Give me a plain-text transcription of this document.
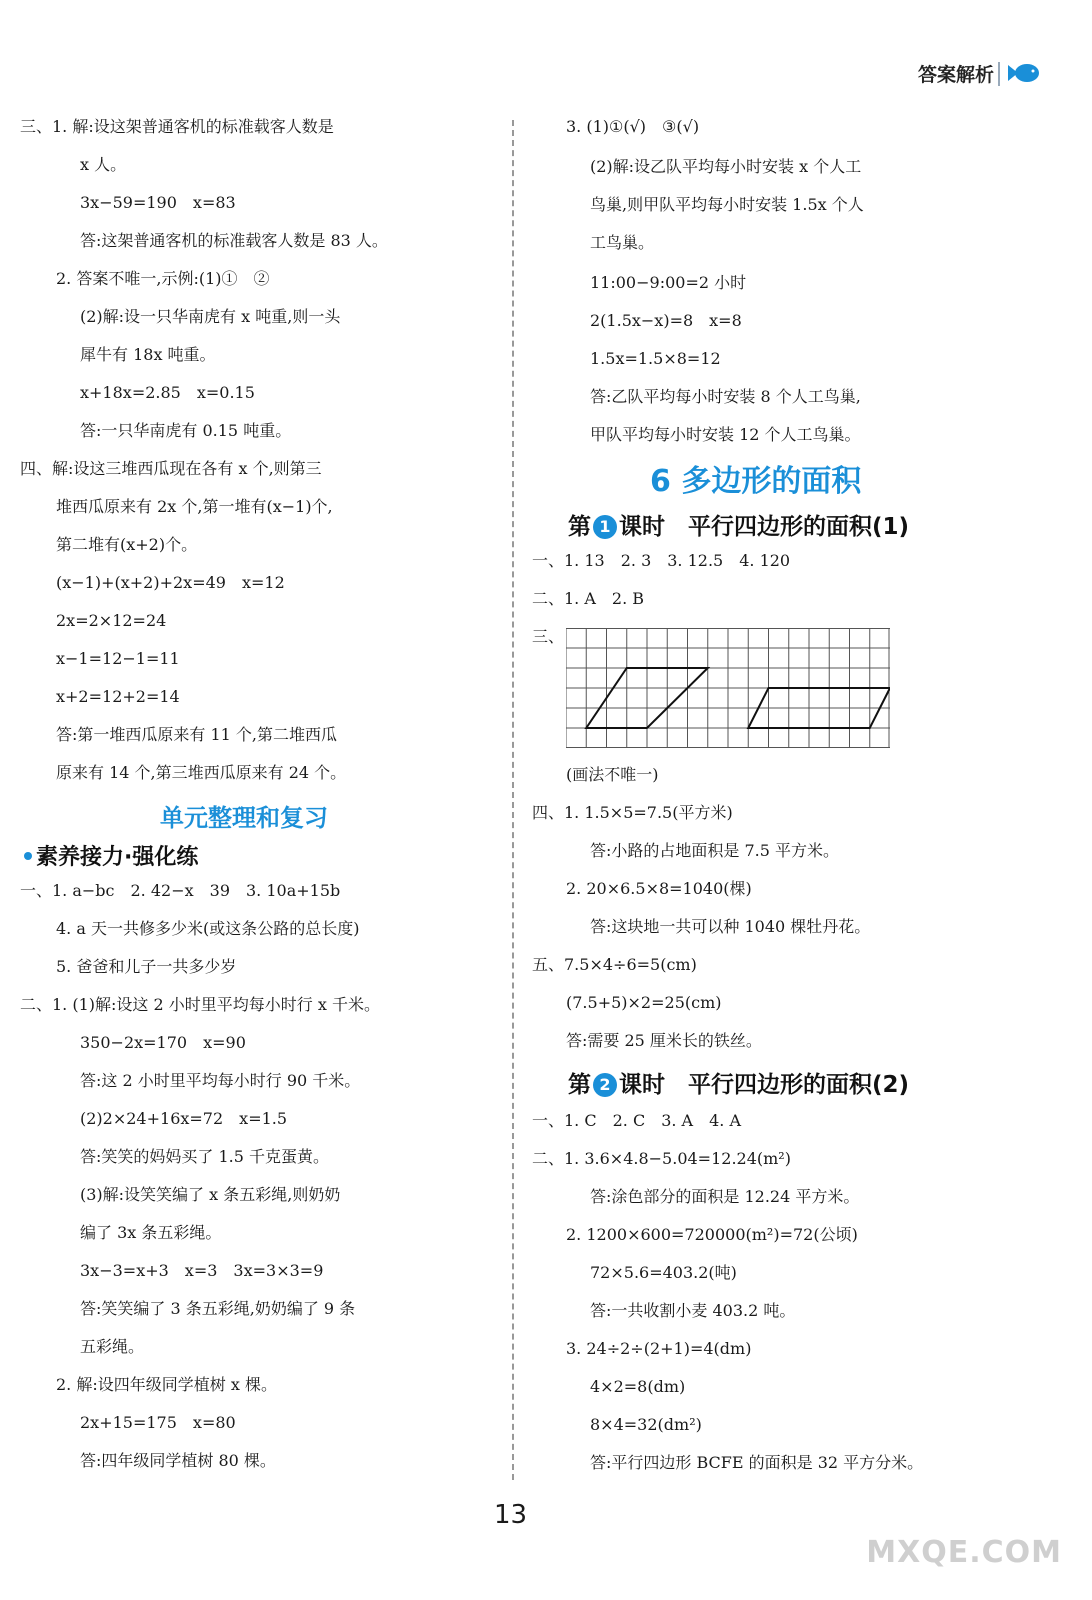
答案解析
三、1. 解:设这架普通客机的标准载客人数是
x 人。
3x−59=190　x=83
答:这架普通客机的标准载客人数是 83 人。
2. 答案不唯一,示例:(1)①　②
(2)解:设一只华南虎有 x 吨重,则一头
犀牛有 18x 吨重。
x+18x=2.85　x=0.15
答:一只华南虎有 0.15 吨重。
四、解:设这三堆西瓜现在各有 x 个,则第三
堆西瓜原来有 2x 个,第一堆有(x−1)个,
第二堆有(x+2)个。
(x−1)+(x+2)+2x=49　x=12
2x=2×12=24
x−1=12−1=11
x+2=12+2=14
答:第一堆西瓜原来有 11 个,第二堆西瓜
原来有 14 个,第三堆西瓜原来有 24 个。
单元整理和复习
素养接力·强化练
一、1. a−bc　2. 42−x　39　3. 10a+15b
4. a 天一共修多少米(或这条公路的总长度)
5. 爸爸和儿子一共多少岁
二、1. (1)解:设这 2 小时里平均每小时行 x 千米。
350−2x=170　x=90
答:这 2 小时里平均每小时行 90 千米。
(2)2×24+16x=72　x=1.5
答:笑笑的妈妈买了 1.5 千克蛋黄。
(3)解:设笑笑编了 x 条五彩绳,则奶奶
编了 3x 条五彩绳。
3x−3=x+3　x=3　3x=3×3=9
答:笑笑编了 3 条五彩绳,奶奶编了 9 条
五彩绳。
2. 解:设四年级同学植树 x 棵。
2x+15=175　x=80
答:四年级同学植树 80 棵。
3. (1)①(√)　③(√)
(2)解:设乙队平均每小时安装 x 个人工
鸟巢,则甲队平均每小时安装 1.5x 个人
工鸟巢。
11:00−9:00=2 小时
2(1.5x−x)=8　x=8
1.5x=1.5×8=12
答:乙队平均每小时安装 8 个人工鸟巢,
甲队平均每小时安装 12 个人工鸟巢。
6 多边形的面积
第 1 课时　平行四边形的面积(1)
一、1. 13　2. 3　3. 12.5　4. 120
二、1. A　2. B
三、
(画法不唯一)
四、1. 1.5×5=7.5(平方米)
答:小路的占地面积是 7.5 平方米。
2. 20×6.5×8=1040(棵)
答:这块地一共可以种 1040 棵牡丹花。
五、7.5×4÷6=5(cm)
(7.5+5)×2=25(cm)
答:需要 25 厘米长的铁丝。
第 2 课时　平行四边形的面积(2)
一、1. C　2. C　3. A　4. A
二、1. 3.6×4.8−5.04=12.24(m²)
答:涂色部分的面积是 12.24 平方米。
2. 1200×600=720000(m²)=72(公顷)
72×5.6=403.2(吨)
答:一共收割小麦 403.2 吨。
3. 24÷2÷(2+1)=4(dm)
4×2=8(dm)
8×4=32(dm²)
答:平行四边形 BCFE 的面积是 32 平方分米。
13
MXQE.COM
